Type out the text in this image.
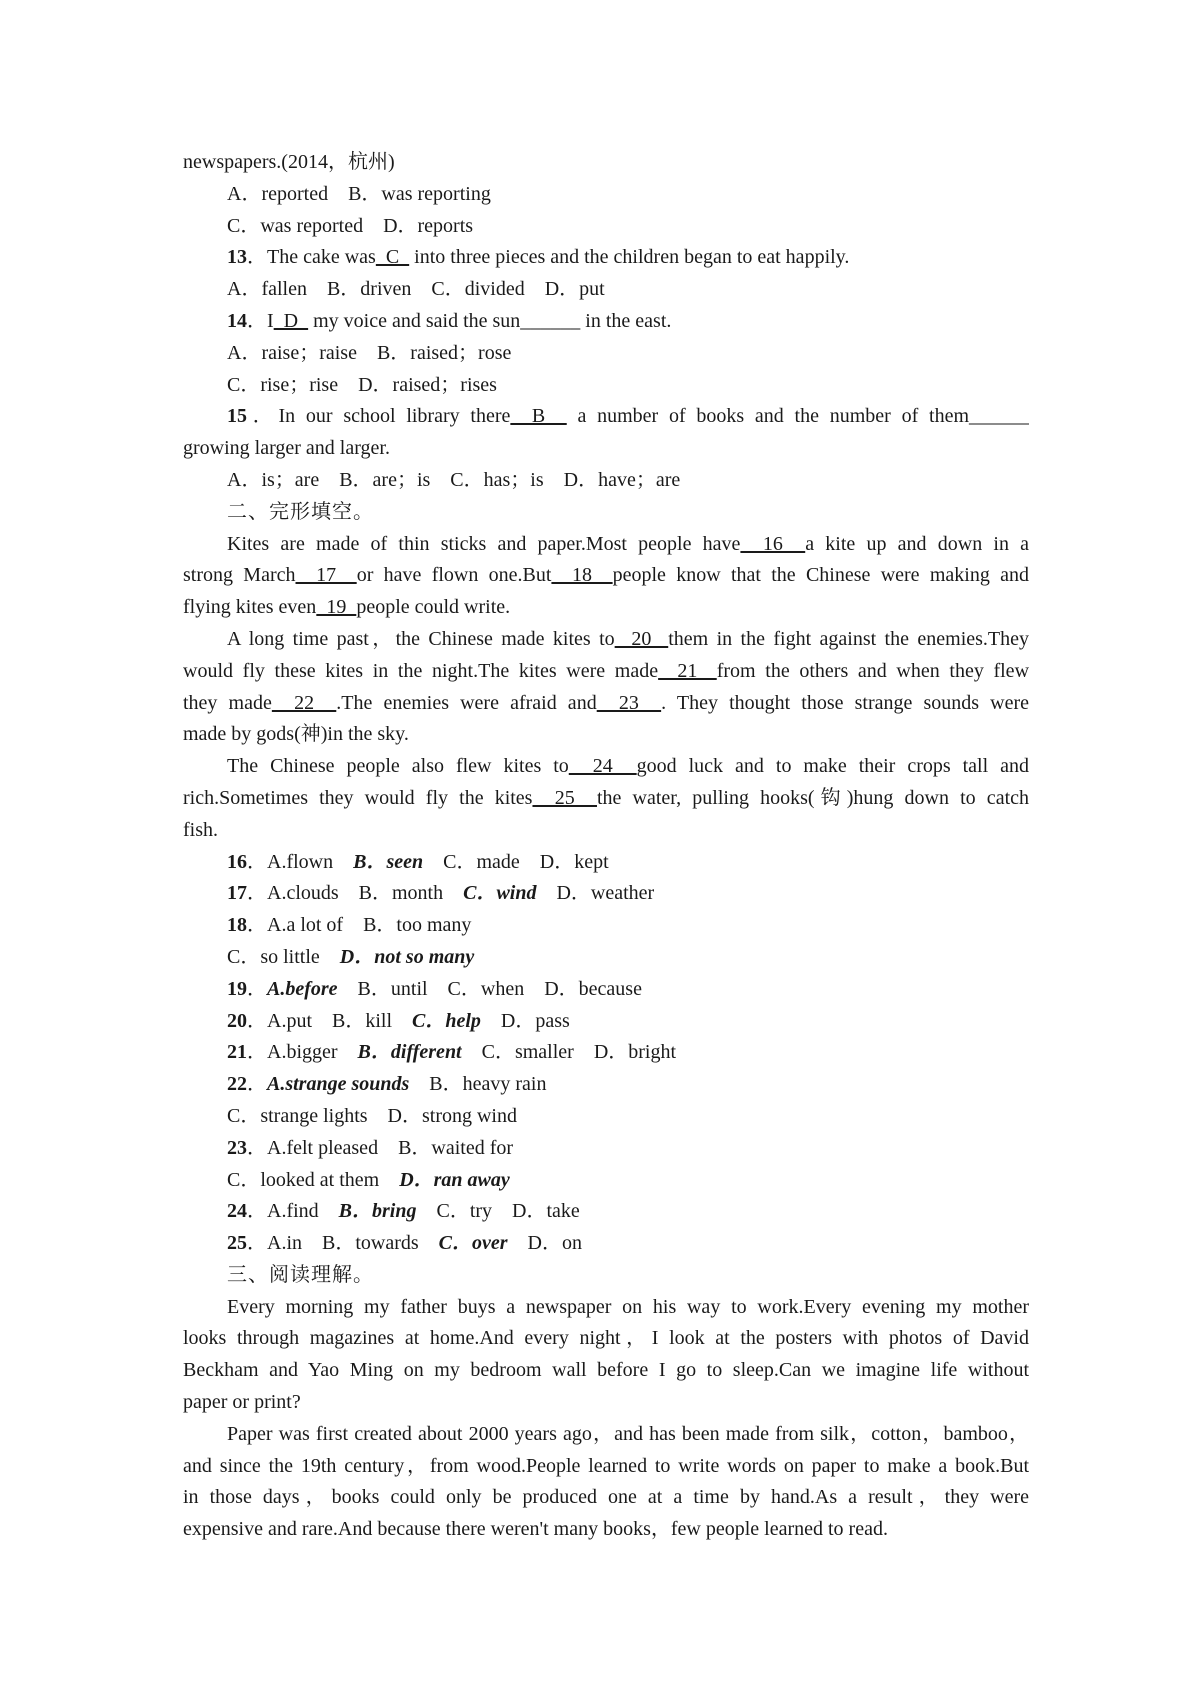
newspapers.(2014，杭州)
A．reported　B．was reporting
C．was reported　D．reports
13．The cake was  C   into three pieces and the children began to eat happily.
A．fallen　B．driven　C．divided　D．put
14．I  D   my voice and said the sun______ in the east.
A．raise；raise　B．raised；rose
C．rise；rise　D．raised；rises
15．In our school library there  B   a number of books and the number of them______
growing larger and larger.
A．is；are　B．are；is　C．has；is　D．have；are
二、完形填空。
Kites are made of thin sticks and paper.Most people have  16  a kite up and down in a
strong March  17  or have flown one.But  18  people know that the Chinese were making and
flying kites even  19  people could write.
A long time past，the Chinese made kites to  20  them in the fight against the enemies.They
would fly these kites in the night.The kites were made  21  from the others and when they flew
they made  22  .The enemies were afraid and  23  . They thought those strange sounds were
made by gods(神)in the sky.
The Chinese people also flew kites to  24  good luck and to make their crops tall and
rich.Sometimes they would fly the kites  25  the water, pulling hooks(钩)hung down to catch
fish.
16．A.flown　B．seen　C．made　D．kept
17．A.clouds　B．month　C．wind　D．weather
18．A.a lot of　B．too many
C．so little　D．not so many
19．A.before　B．until　C．when　D．because
20．A.put　B．kill　C．help　D．pass
21．A.bigger　B．different　C．smaller　D．bright
22．A.strange sounds　B．heavy rain
C．strange lights　D．strong wind
23．A.felt pleased　B．waited for
C．looked at them　D．ran away
24．A.find　B．bring　C．try　D．take
25．A.in　B．towards　C．over　D．on
三、阅读理解。
Every morning my father buys a newspaper on his way to work.Every evening my mother
looks through magazines at home.And every night，I look at the posters with photos of David
Beckham and Yao Ming on my bedroom wall before I go to sleep.Can we imagine life without
paper or print?
Paper was first created about 2000 years ago，and has been made from silk，cotton，bamboo，
and since the 19th century，from wood.People learned to write words on paper to make a book.But
in those days，books could only be produced one at a time by hand.As a result，they were
expensive and rare.And because there weren't many books，few people learned to read.
